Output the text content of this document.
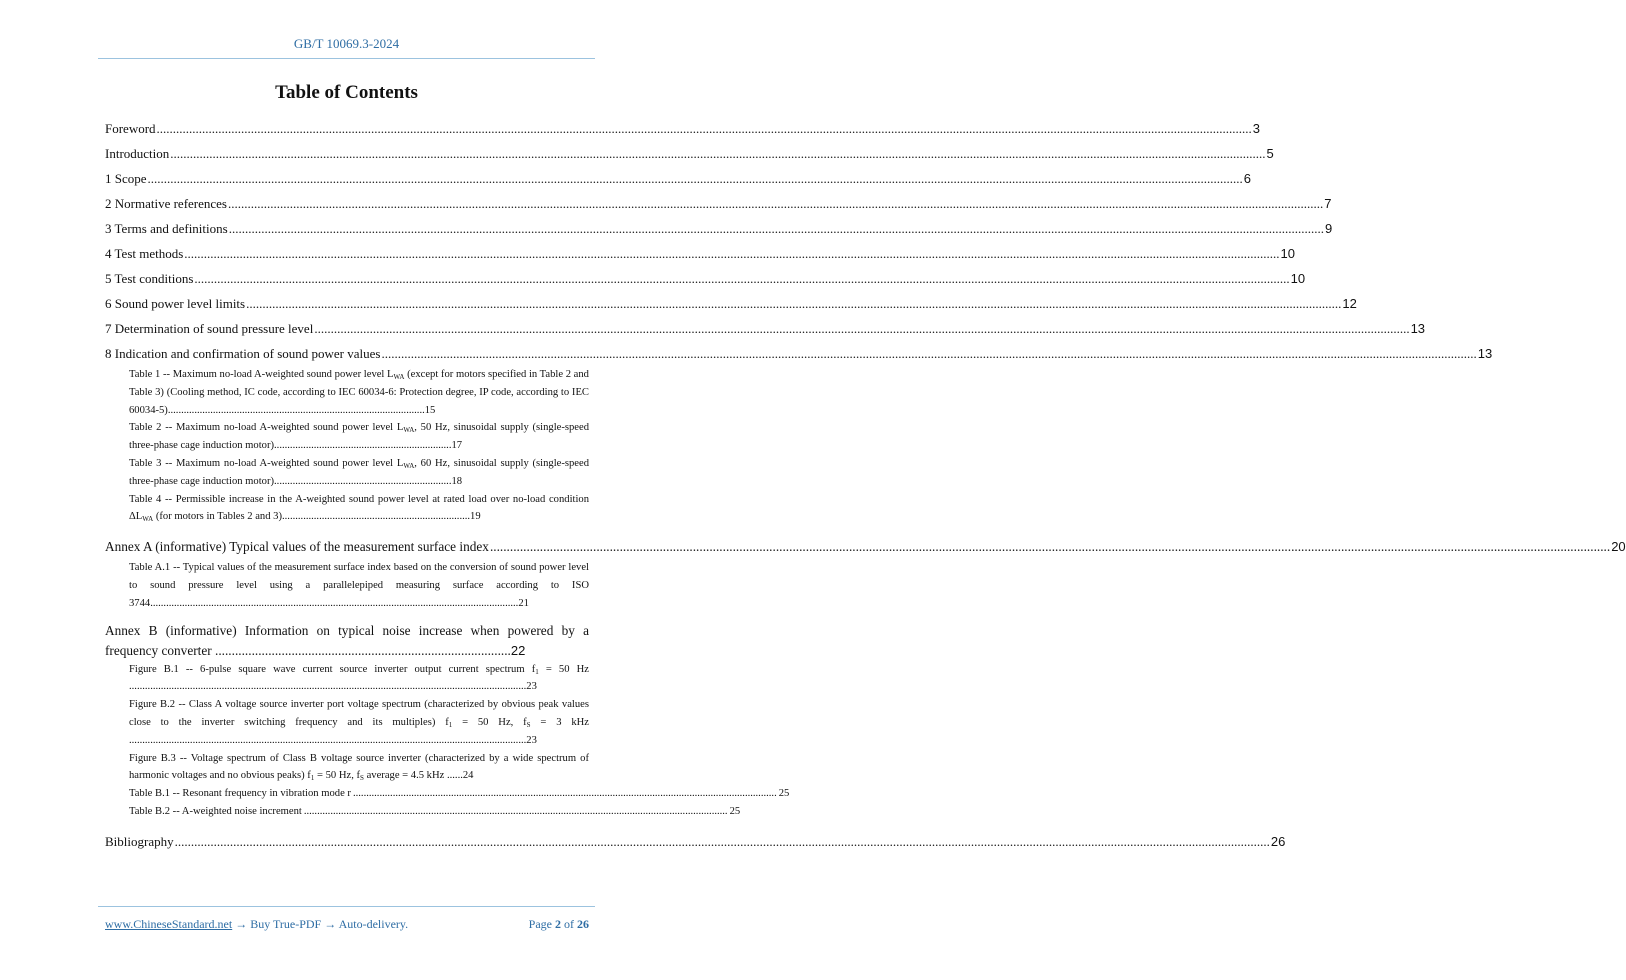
GB/T 10069.3-2024
Table of Contents
Foreword .....	3
Introduction .....	5
1 Scope .....	6
2 Normative references .....	7
3 Terms and definitions .....	9
4 Test methods .....	10
5 Test conditions .....	10
6 Sound power level limits .....	12
7 Determination of sound pressure level .....	13
8 Indication and confirmation of sound power values .....	13
Table 1 -- Maximum no-load A-weighted sound power level $L_{WA}$ (except for motors specified in Table 2 and Table 3) (Cooling method, IC code, according to IEC 60034-6: Protection degree, IP code, according to IEC 60034-5).................................................................................................15
Table 2 -- Maximum no-load A-weighted sound power level $L_{WA}$, 50 Hz, sinusoidal supply (single-speed three-phase cage induction motor)...................................................................17
Table 3 -- Maximum no-load A-weighted sound power level $L_{WA}$, 60 Hz, sinusoidal supply (single-speed three-phase cage induction motor)...................................................................18
Table 4 -- Permissible increase in the A-weighted sound power level at rated load over no-load condition $\Delta L_{WA}$ (for motors in Tables 2 and 3).......................................................................19
Annex A (informative) Typical values of the measurement surface index .....	20
Table A.1 -- Typical values of the measurement surface index based on the conversion of sound power level to sound pressure level using a parallelepiped measuring surface according to ISO 3744...........................................................................................................................................21
Annex B (informative) Information on typical noise increase when powered by a frequency converter .........................................................................................22
Figure B.1 -- 6-pulse square wave current source inverter output current spectrum $f_1 = 50$ Hz ......................................................................................................................................................23
Figure B.2 -- Class A voltage source inverter port voltage spectrum (characterized by obvious peak values close to the inverter switching frequency and its multiples) $f_1 = 50$ Hz, $f_S = 3$ kHz ......................................................................................................................................................23
Figure B.3 -- Voltage spectrum of Class B voltage source inverter (characterized by a wide spectrum of harmonic voltages and no obvious peaks) $f_1 = 50$ Hz, $f_S$ average = 4.5 kHz ......24
Table B.1 -- Resonant frequency in vibration mode r ................................................................................................................................................................ 25
Table B.2 -- A-weighted noise increment ................................................................................................................................................................ 25
Bibliography .....	26
www.ChineseStandard.net → Buy True-PDF → Auto-delivery.	Page 2 of 26
